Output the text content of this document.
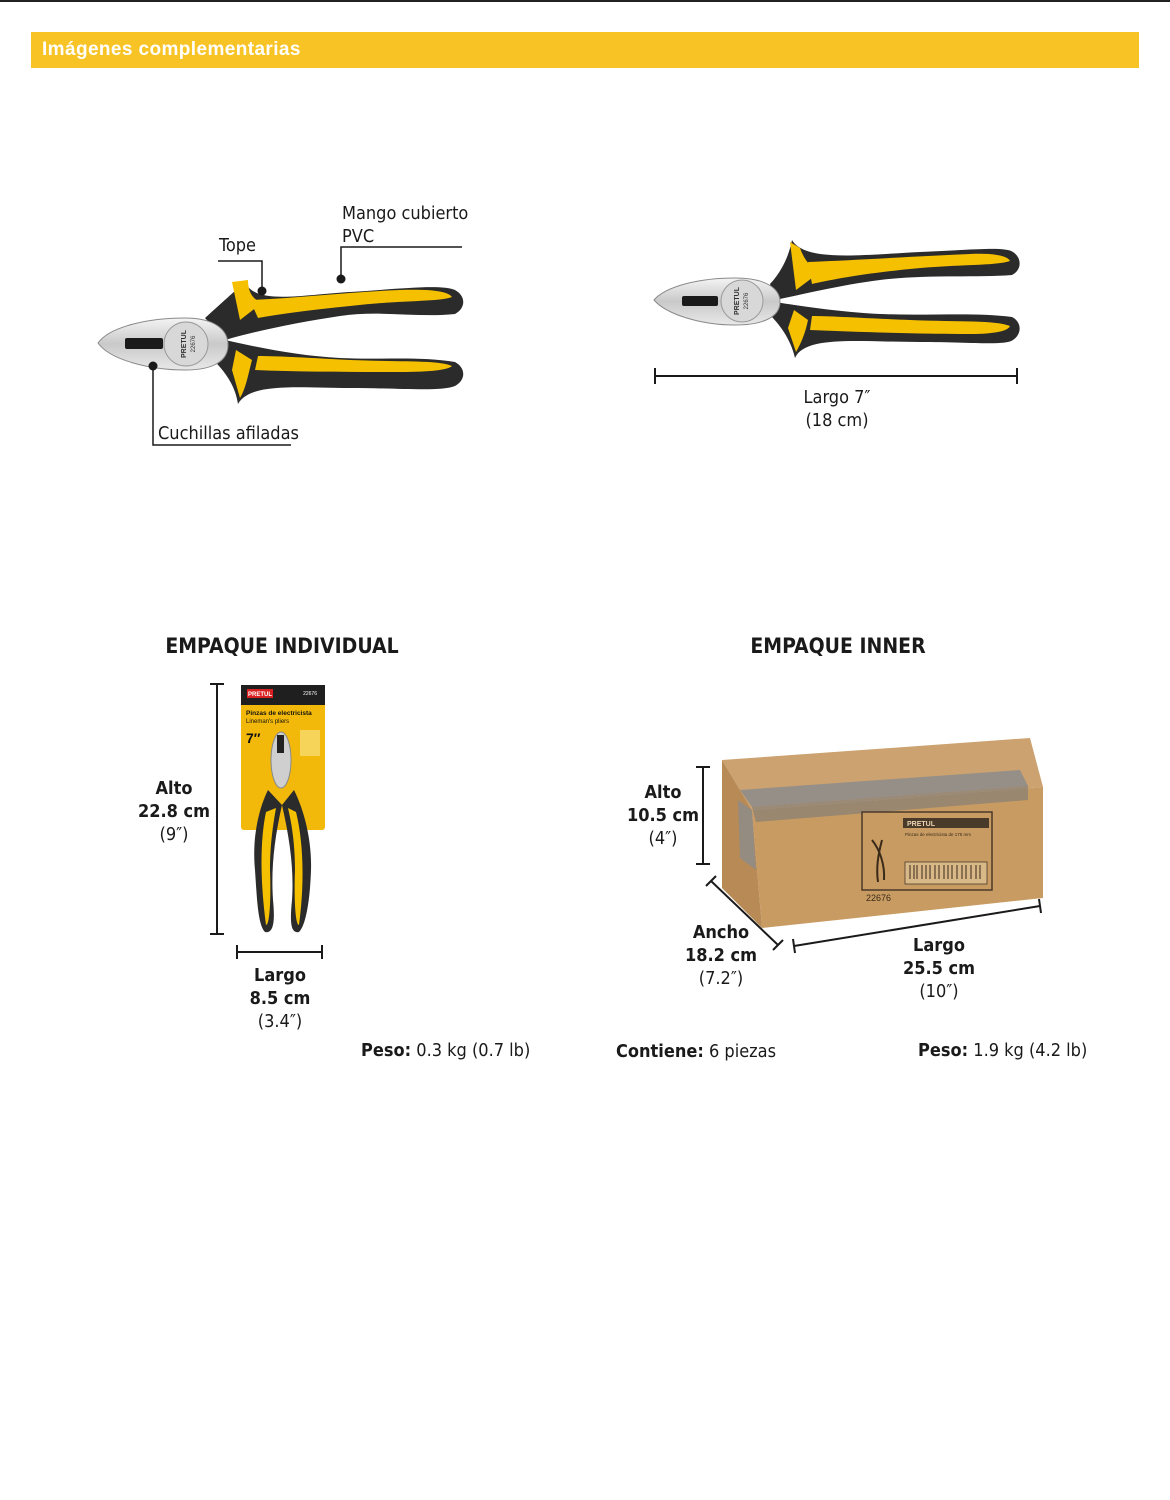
Imágenes complementarias
PRETUL 22676
Mango cubierto
PVC
Tope
Cuchillas afiladas
PRETUL 22676
Largo 7″
(18 cm)
EMPAQUE INDIVIDUAL
PRETUL	22676
Pinzas de electricista
Lineman's pliers
7″
Alto
22.8 cm
(9″)
Largo
8.5 cm
(3.4″)
Peso: 0.3 kg (0.7 lb)
EMPAQUE INNER
PRETUL
Pinzas de electricista de 175 mm
22676
Alto
10.5 cm
(4″)
Ancho
18.2 cm
(7.2″)
Largo
25.5 cm
(10″)
Contiene: 6 piezas	Peso: 1.9 kg (4.2 lb)
